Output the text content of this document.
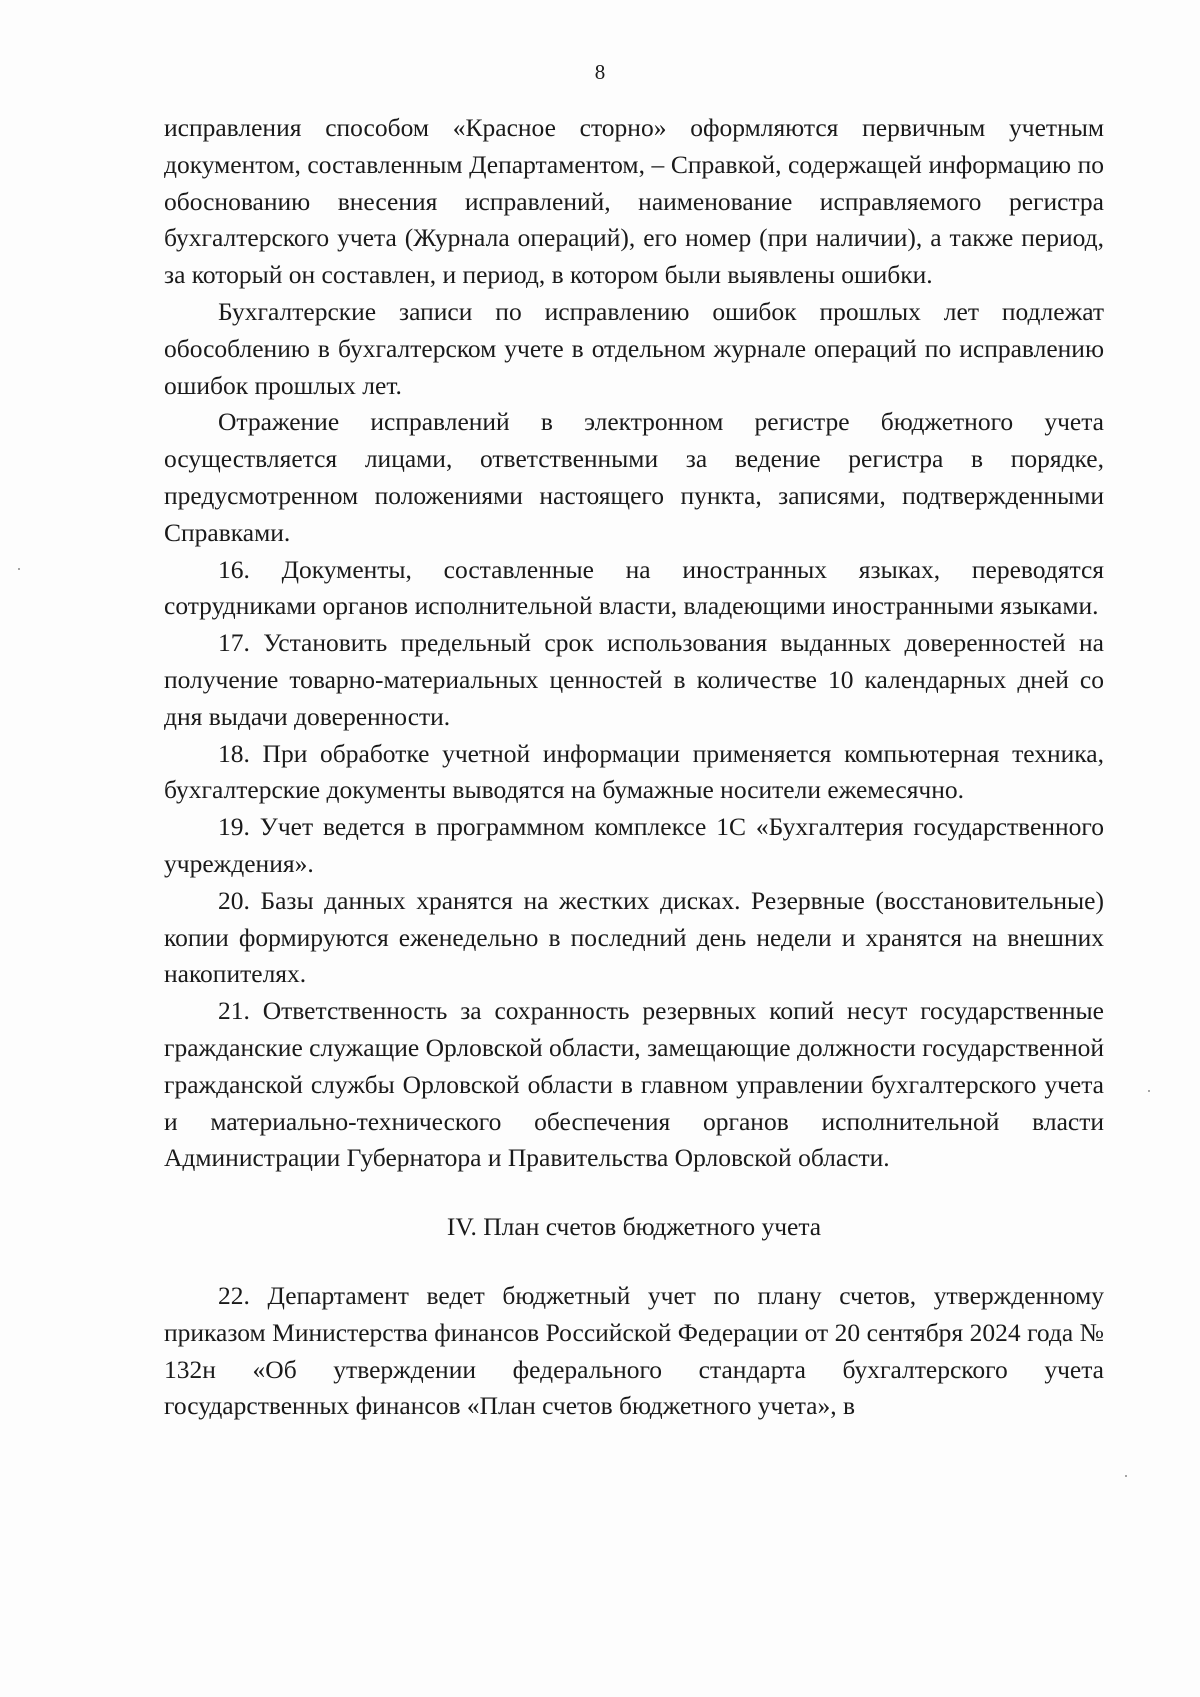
8

исправления способом «Красное сторно» оформляются первичным учетным документом, составленным Департаментом, – Справкой, содержащей информацию по обоснованию внесения исправлений, наименование исправляемого регистра бухгалтерского учета (Журнала операций), его номер (при наличии), а также период, за который он составлен, и период, в котором были выявлены ошибки.

Бухгалтерские записи по исправлению ошибок прошлых лет подлежат обособлению в бухгалтерском учете в отдельном журнале операций по исправлению ошибок прошлых лет.

Отражение исправлений в электронном регистре бюджетного учета осуществляется лицами, ответственными за ведение регистра в порядке, предусмотренном положениями настоящего пункта, записями, подтвержденными Справками.

16. Документы, составленные на иностранных языках, переводятся сотрудниками органов исполнительной власти, владеющими иностранными языками.

17. Установить предельный срок использования выданных доверенностей на получение товарно-материальных ценностей в количестве 10 календарных дней со дня выдачи доверенности.

18. При обработке учетной информации применяется компьютерная техника, бухгалтерские документы выводятся на бумажные носители ежемесячно.

19. Учет ведется в программном комплексе 1С «Бухгалтерия государственного учреждения».

20. Базы данных хранятся на жестких дисках. Резервные (восстановительные) копии формируются еженедельно в последний день недели и хранятся на внешних накопителях.

21. Ответственность за сохранность резервных копий несут государственные гражданские служащие Орловской области, замещающие должности государственной гражданской службы Орловской области в главном управлении бухгалтерского учета и материально-технического обеспечения органов исполнительной власти Администрации Губернатора и Правительства Орловской области.

IV. План счетов бюджетного учета

22. Департамент ведет бюджетный учет по плану счетов, утвержденному приказом Министерства финансов Российской Федерации от 20 сентября 2024 года № 132н «Об утверждении федерального стандарта бухгалтерского учета государственных финансов «План счетов бюджетного учета», в
